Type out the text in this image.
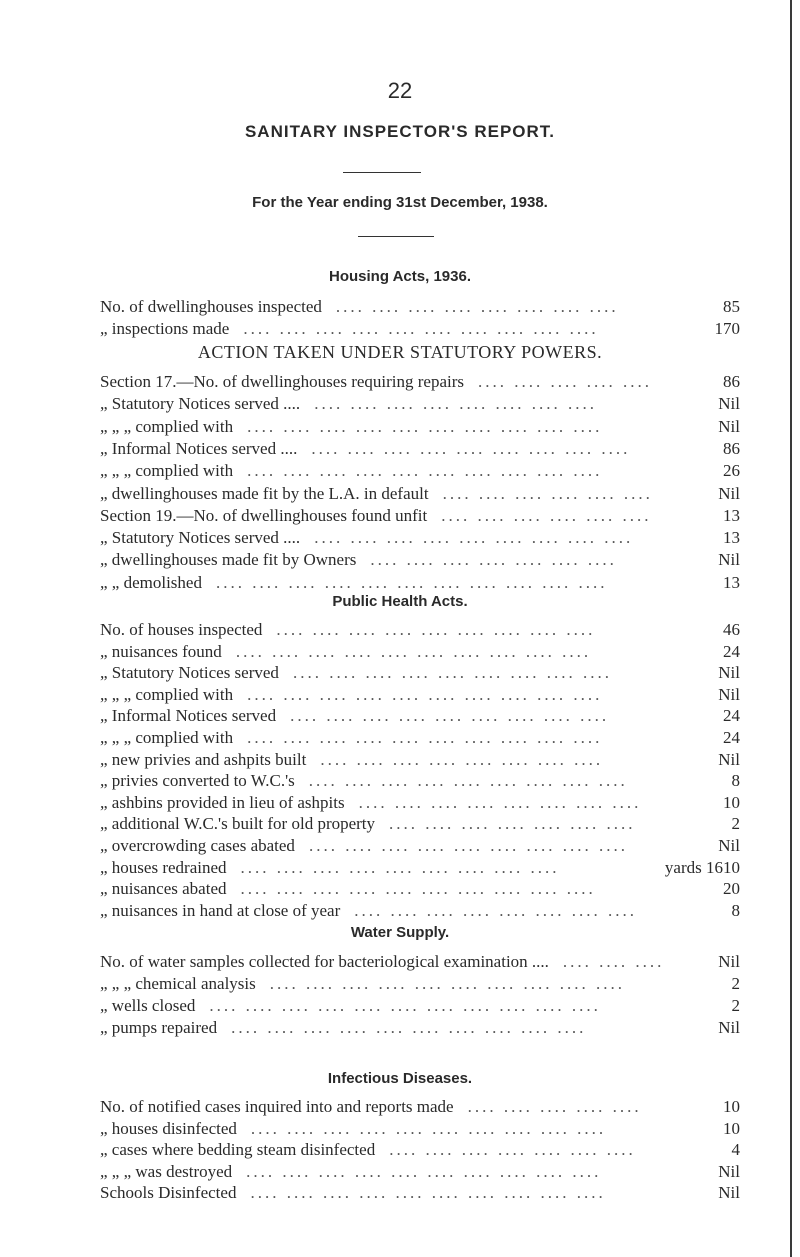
22
SANITARY INSPECTOR'S REPORT.
For the Year ending 31st December, 1938.
Housing Acts, 1936.
No. of dwellinghouses inspected	85
.... .... .... .... .... .... .... ....
„ inspections made	170
.... .... .... .... .... .... .... .... .... ....
ACTION TAKEN UNDER STATUTORY POWERS.
Section 17.—No. of dwellinghouses requiring repairs	86
.... .... .... .... ....
„ Statutory Notices served ....	Nil
.... .... .... .... .... .... .... ....
„ „ „ complied with	Nil
.... .... .... .... .... .... .... .... .... ....
„ Informal Notices served ....	86
.... .... .... .... .... .... .... .... ....
„ „ „ complied with	26
.... .... .... .... .... .... .... .... .... ....
„ dwellinghouses made fit by the L.A. in default	Nil
.... .... .... .... .... ....
Section 19.—No. of dwellinghouses found unfit	13
.... .... .... .... .... ....
„ Statutory Notices served ....	13
.... .... .... .... .... .... .... .... ....
„ dwellinghouses made fit by Owners	Nil
.... .... .... .... .... .... ....
„ „ demolished	13
.... .... .... .... .... .... .... .... .... .... ....
Public Health Acts.
No. of houses inspected	46
.... .... .... .... .... .... .... .... ....
„ nuisances found	24
.... .... .... .... .... .... .... .... .... ....
„ Statutory Notices served	Nil
.... .... .... .... .... .... .... .... ....
„ „ „ complied with	Nil
.... .... .... .... .... .... .... .... .... ....
„ Informal Notices served	24
.... .... .... .... .... .... .... .... ....
„ „ „ complied with	24
.... .... .... .... .... .... .... .... .... ....
„ new privies and ashpits built	Nil
.... .... .... .... .... .... .... ....
„ privies converted to W.C.'s	8
.... .... .... .... .... .... .... .... ....
„ ashbins provided in lieu of ashpits	10
.... .... .... .... .... .... .... ....
„ additional W.C.'s built for old property	2
.... .... .... .... .... .... ....
„ overcrowding cases abated	Nil
.... .... .... .... .... .... .... .... ....
„ houses redrained	yards 1610
.... .... .... .... .... .... .... .... ....
„ nuisances abated	20
.... .... .... .... .... .... .... .... .... ....
„ nuisances in hand at close of year	8
.... .... .... .... .... .... .... ....
Water Supply.
No. of water samples collected for bacteriological examination ....	Nil
.... .... ....
„ „ „ chemical analysis	2
.... .... .... .... .... .... .... .... .... ....
„ wells closed	2
.... .... .... .... .... .... .... .... .... .... ....
„ pumps repaired	Nil
.... .... .... .... .... .... .... .... .... ....
Infectious Diseases.
No. of notified cases inquired into and reports made	10
.... .... .... .... ....
„ houses disinfected	10
.... .... .... .... .... .... .... .... .... ....
„ cases where bedding steam disinfected	4
.... .... .... .... .... .... ....
„ „ „ was destroyed	Nil
.... .... .... .... .... .... .... .... .... ....
Schools Disinfected	Nil
.... .... .... .... .... .... .... .... .... ....
